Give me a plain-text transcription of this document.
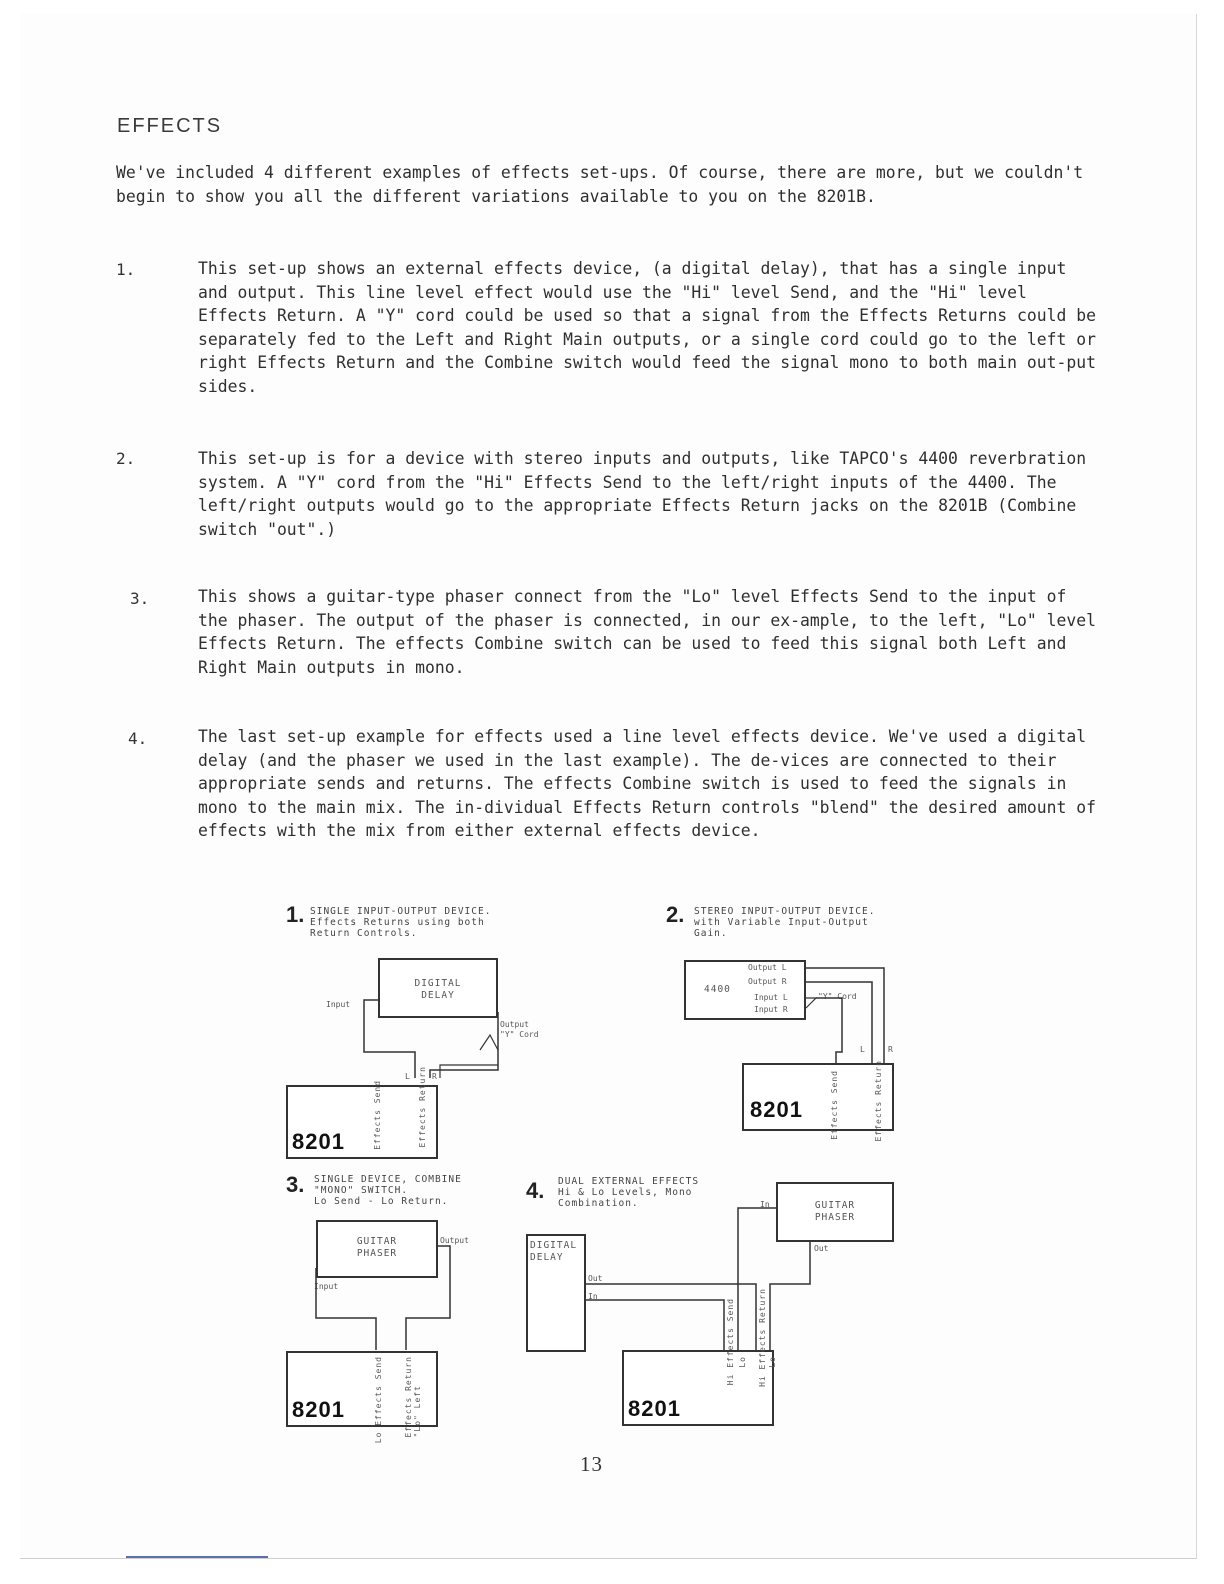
EFFECTS
We've included 4 different examples of effects set-ups. Of course, there are more, but we couldn't begin to show you all the different variations available to you on the 8201B.
1.	This set-up shows an external effects device, (a digital delay), that has a single input and output. This line level effect would use the "Hi" level Send, and the "Hi" level Effects Return. A "Y" cord could be used so that a signal from the Effects Returns could be separately fed to the Left and Right Main outputs, or a single cord could go to the left or right Effects Return and the Combine switch would feed the signal mono to both main out-put sides.
2.	This set-up is for a device with stereo inputs and outputs, like TAPCO's 4400 reverbration system. A "Y" cord from the "Hi" Effects Send to the left/right inputs of the 4400. The left/right outputs would go to the appropriate Effects Return jacks on the 8201B (Combine switch "out".)
3.	This shows a guitar-type phaser connect from the "Lo" level Effects Send to the input of the phaser. The output of the phaser is connected, in our ex-ample, to the left, "Lo" level Effects Return. The effects Combine switch can be used to feed this signal both Left and Right Main outputs in mono.
4.	The last set-up example for effects used a line level effects device. We've used a digital delay (and the phaser we used in the last example). The de-vices are connected to their appropriate sends and returns. The effects Combine switch is used to feed the signals in mono to the main mix. The in-dividual Effects Return controls "blend" the desired amount of effects with the mix from either external effects device.
1. SINGLE INPUT-OUTPUT DEVICE.
Effects Returns using both
Return Controls.
DIGITAL
DELAY
Input
Output
"Y" Cord
8201	Effects Send	Effects Return
L	R
2. STEREO INPUT-OUTPUT DEVICE.
with Variable Input-Output
Gain.
4400
Output L
Output R
Input L
Input R
"Y" Cord
8201	Effects Send	Effects Return
L	R
3. SINGLE DEVICE, COMBINE
"MONO" SWITCH.
Lo Send - Lo Return.
GUITAR
PHASER
Output
Input
8201	Lo Effects Send	Effects Return
"Lo" Left
4. DUAL EXTERNAL EFFECTS
Hi & Lo Levels, Mono
Combination.	GUITAR
PHASER
DIGITAL
DELAY
Out
In
In
Out
8201
Hi Effects Send	Hi Effects Return
Lo	Lo
13
